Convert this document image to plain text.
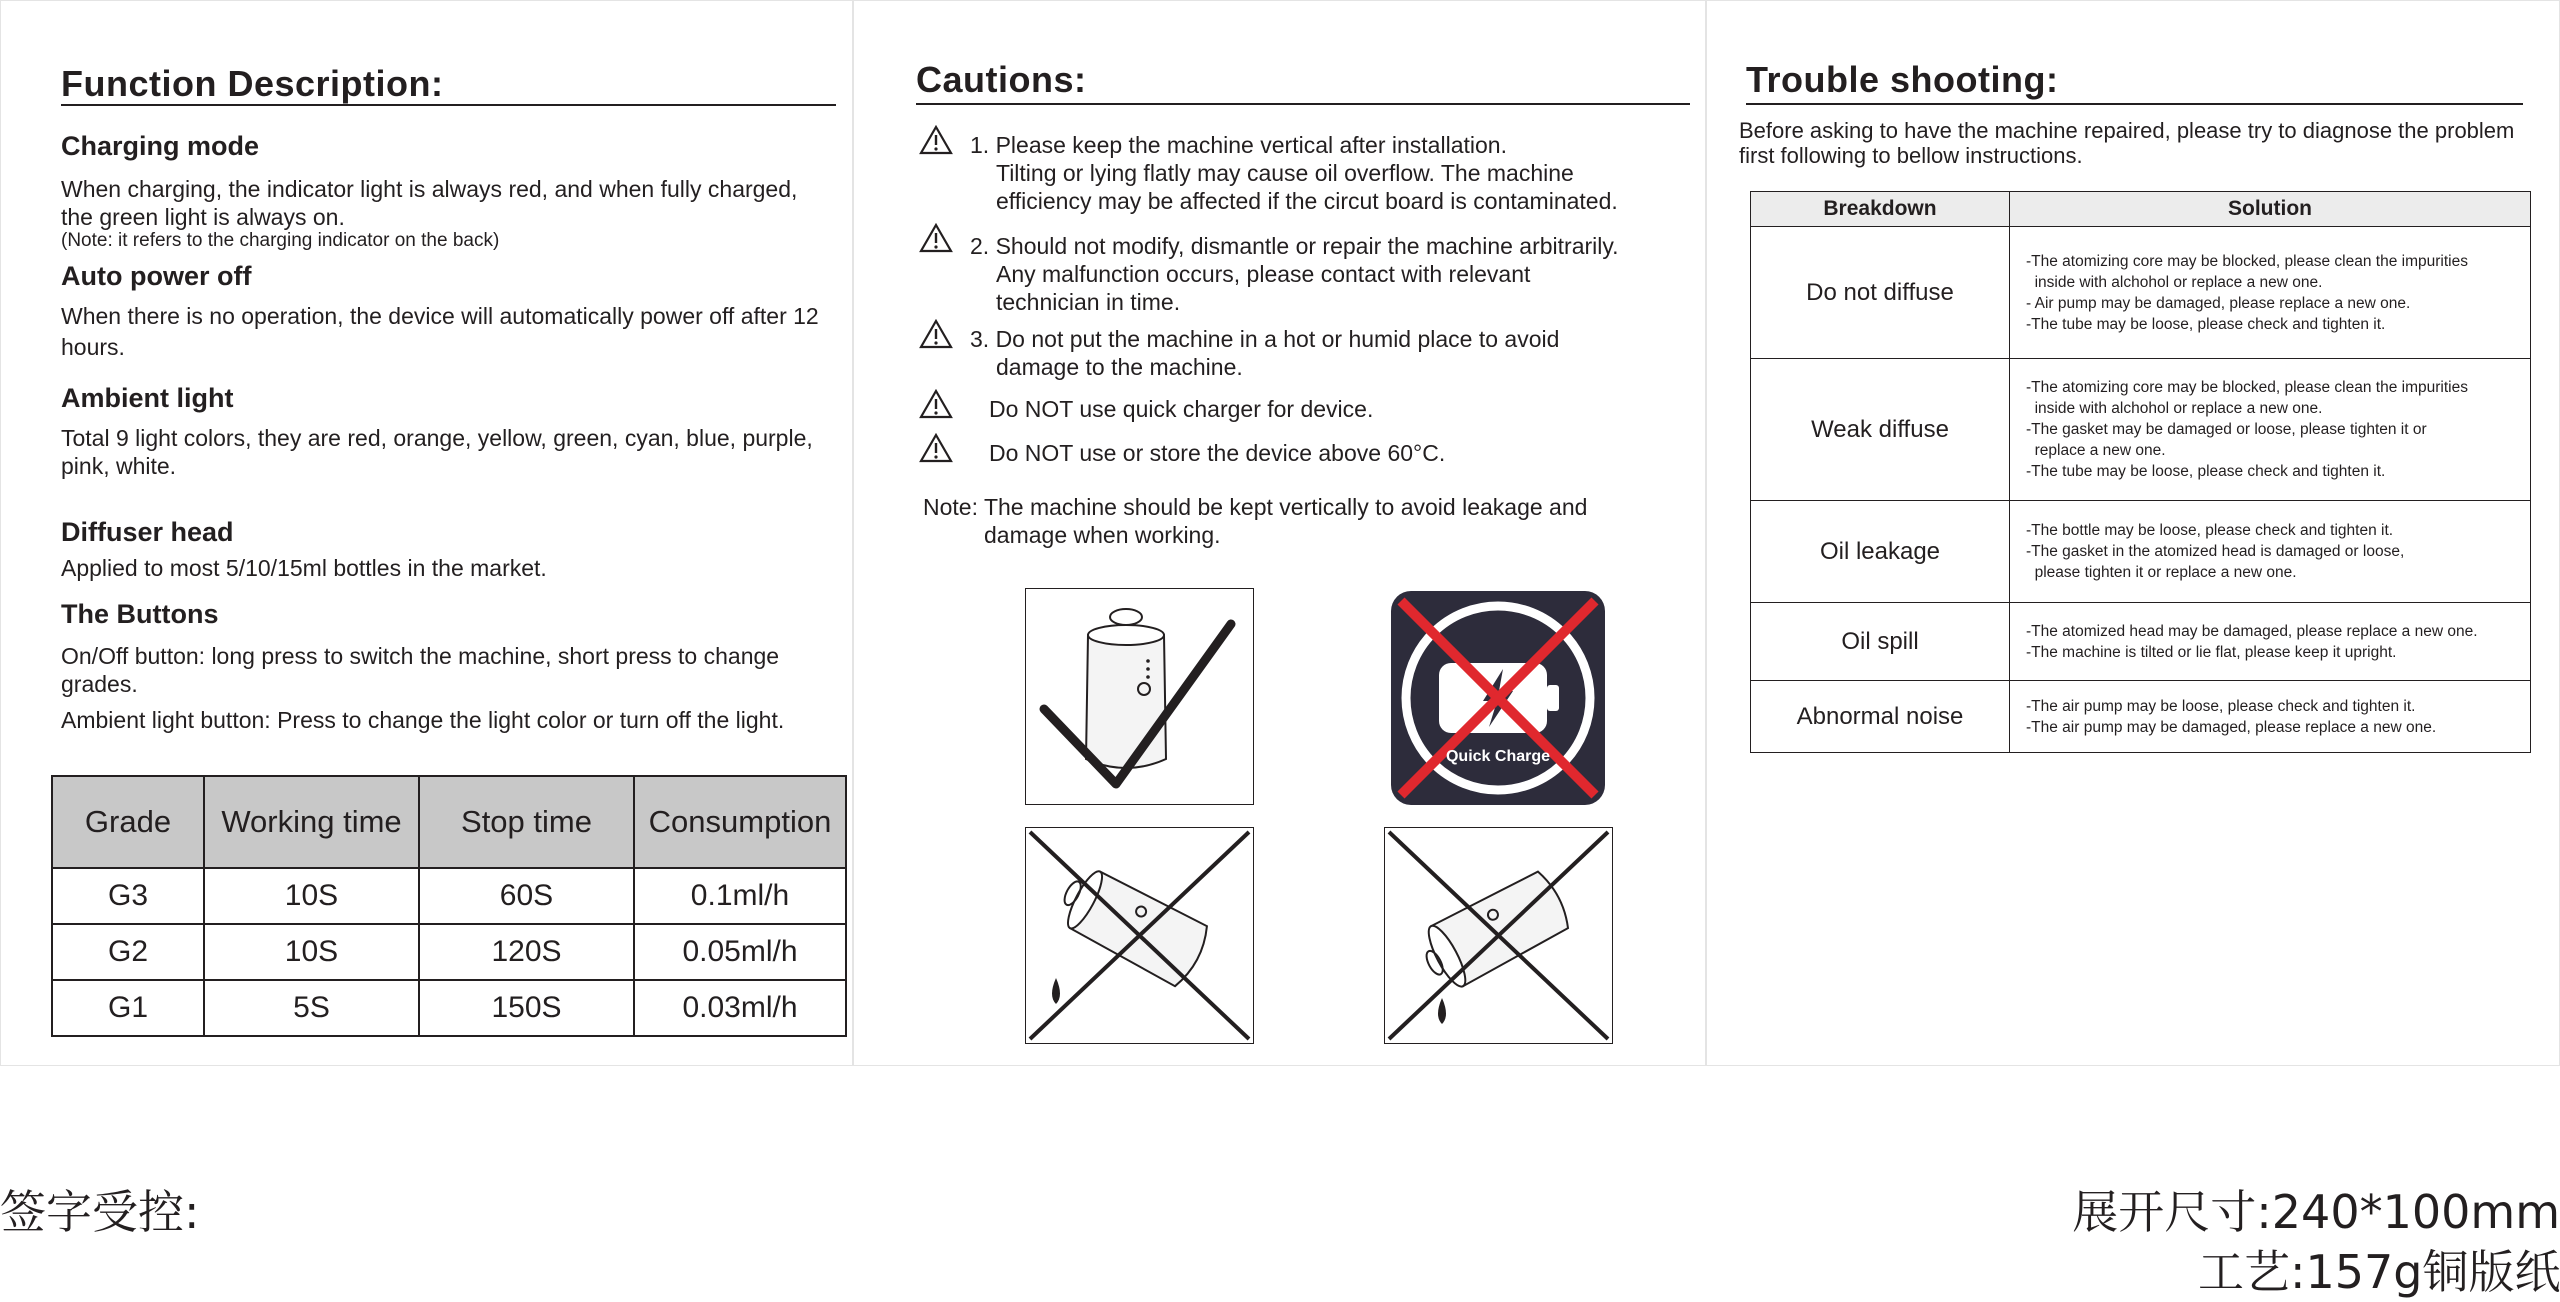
Function Description:
Charging mode
When charging, the indicator light is always red, and when fully charged, the green light is always on.
(Note: it refers to the charging indicator on the back)
Auto power off
When there is no operation, the device will automatically power off after 12 hours.
Ambient light
Total 9 light colors, they are red, orange, yellow, green, cyan, blue, purple, pink, white.
Diffuser head
Applied to most 5/10/15ml bottles in the market.
The Buttons
On/Off button: long press to switch the machine, short press to change grades.
Ambient light button: Press to change the light color or turn off the light.
Grade	Working time	Stop time	Consumption
G3	10S	60S	0.1ml/h
G2	10S	120S	0.05ml/h
G1	5S	150S	0.03ml/h
Cautions:
1. Please keep the machine vertical after installation.
Tilting or lying flatly may cause oil overflow. The machine
efficiency may be affected if the circut board is contaminated.
2. Should not modify, dismantle or repair the machine arbitrarily.
Any malfunction occurs, please contact with relevant
technician in time.
3. Do not put the machine in a hot or humid place to avoid
damage to the machine.
Do NOT use quick charger for device.
Do NOT use or store the device above 60°C.
Note: The machine should be kept vertically to avoid leakage and
damage when working.
Quick Charge
Trouble shooting:
Before asking to have the machine repaired, please try to diagnose the problem
first following to bellow instructions.
Breakdown	Solution
Do not diffuse	-The atomizing core may be blocked, please clean the impurities
inside with alchohol or replace a new one.
- Air pump may be damaged, please replace a new one.
-The tube may be loose, please check and tighten it.

Weak diffuse	-The atomizing core may be blocked, please clean the impurities
inside with alchohol or replace a new one.
-The gasket may be damaged or loose, please tighten it or
replace a new one.
-The tube may be loose, please check and tighten it.

Oil leakage	-The bottle may be loose, please check and tighten it.
-The gasket in the atomized head is damaged or loose,
please tighten it or replace a new one.

Oil spill	-The atomized head may be damaged, please replace a new one.
-The machine is tilted or lie flat, please keep it upright.

Abnormal noise	-The air pump may be loose, please check and tighten it.
-The air pump may be damaged, please replace a new one.
签字受控:	展开尺寸:240*100mm
工艺:157g铜版纸
